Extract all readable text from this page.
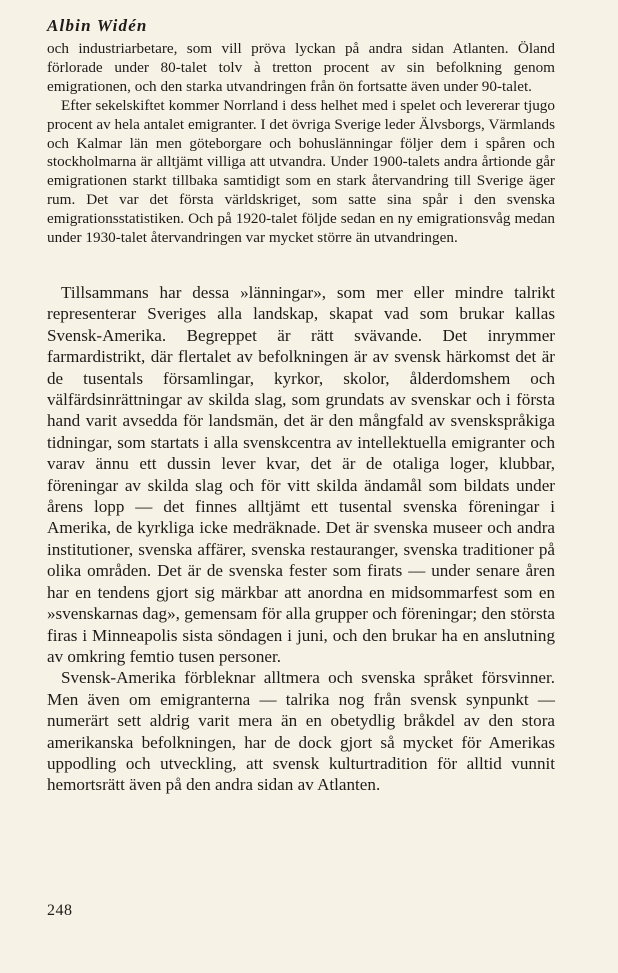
Albin Widén

och industriarbetare, som vill pröva lyckan på andra sidan Atlanten. Öland förlorade under 80-talet tolv à tretton procent av sin befolkning genom emigrationen, och den starka utvandringen från ön fortsatte även under 90-talet.

Efter sekelskiftet kommer Norrland i dess helhet med i spelet och levererar tjugo procent av hela antalet emigranter. I det övriga Sverige leder Älvsborgs, Värmlands och Kalmar län men göteborgare och bohuslänningar följer dem i spåren och stockholmarna är alltjämt villiga att utvandra. Under 1900-talets andra årtionde går emigrationen starkt tillbaka samtidigt som en stark återvandring till Sverige äger rum. Det var det första världskriget, som satte sina spår i den svenska emigrationsstatistiken. Och på 1920-talet följde sedan en ny emigrationsvåg medan under 1930-talet återvandringen var mycket större än utvandringen.

Tillsammans har dessa »länningar», som mer eller mindre talrikt representerar Sveriges alla landskap, skapat vad som brukar kallas Svensk-Amerika. Begreppet är rätt svävande. Det inrymmer farmardistrikt, där flertalet av befolkningen är av svensk härkomst det är de tusentals församlingar, kyrkor, skolor, ålderdomshem och välfärdsinrättningar av skilda slag, som grundats av svenskar och i första hand varit avsedda för landsmän, det är den mångfald av svenskspråkiga tidningar, som startats i alla svenskcentra av intellektuella emigranter och varav ännu ett dussin lever kvar, det är de otaliga loger, klubbar, föreningar av skilda slag och för vitt skilda ändamål som bildats under årens lopp — det finnes alltjämt ett tusental svenska föreningar i Amerika, de kyrkliga icke medräknade. Det är svenska museer och andra institutioner, svenska affärer, svenska restauranger, svenska traditioner på olika områden. Det är de svenska fester som firats — under senare åren har en tendens gjort sig märkbar att anordna en midsommarfest som en »svenskarnas dag», gemensam för alla grupper och föreningar; den största firas i Minneapolis sista söndagen i juni, och den brukar ha en anslutning av omkring femtio tusen personer.

Svensk-Amerika förbleknar alltmera och svenska språket försvinner. Men även om emigranterna — talrika nog från svensk synpunkt — numerärt sett aldrig varit mera än en obetydlig bråkdel av den stora amerikanska befolkningen, har de dock gjort så mycket för Amerikas uppodling och utveckling, att svensk kulturtradition för alltid vunnit hemortsrätt även på den andra sidan av Atlanten.

248
